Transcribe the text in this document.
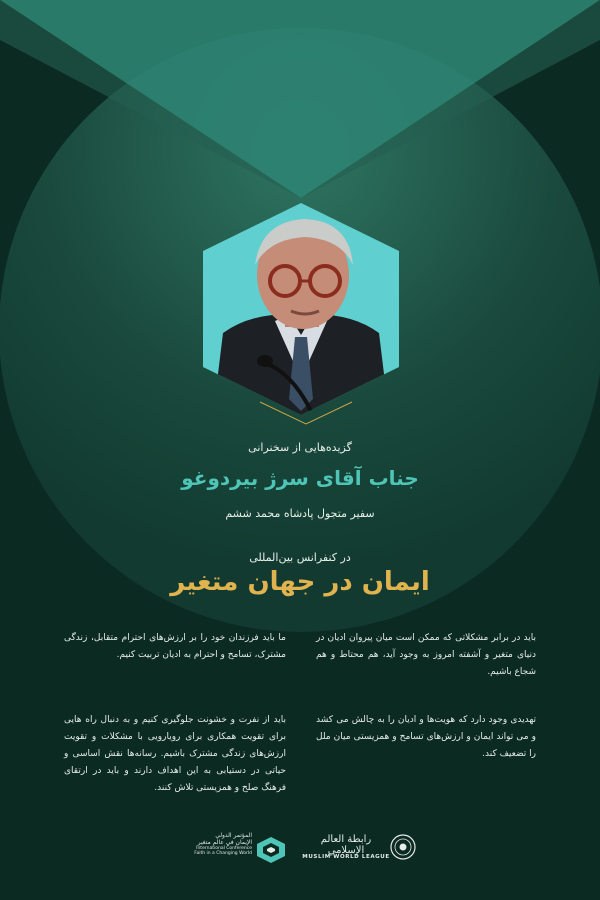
گزیده‌هایی از سخنرانی
جناب آقای سرژ بیردوغو
سفیر متجول پادشاه محمد ششم
در کنفرانس بین‌المللی
ایمان در جهان متغیر
باید در برابر مشکلاتی که ممکن است میان پیروان ادیان در دنیای متغیر و آشفته امروز به وجود آید، هم محتاط و هم شجاع باشیم.
ما باید فرزندان خود را بر ارزش‌های احترام متقابل، زندگی مشترک، تسامح و احترام به ادیان تربیت کنیم.
تهدیدی وجود دارد که هویت‌ها و ادیان را به چالش می کشد و می تواند ایمان و ارزش‌های تسامح و همزیستی میان ملل را تضعیف کند.
باید از نفرت و خشونت جلوگیری کنیم و به دنبال راه هایی برای تقویت همکاری برای رویارویی با مشکلات و تقویت ارزش‌های زندگی مشترک باشیم. رسانه‌ها نقش اساسی و حیاتی در دستیابی به این اهداف دارند و باید در ارتقای فرهنگ صلح و همزیستی تلاش کنند.
المؤتمر الدولي
الإيمان في عالم متغير
International Conference
Faith in a Changing World
رابطة العالم الإسلامي
MUSLIM WORLD LEAGUE
